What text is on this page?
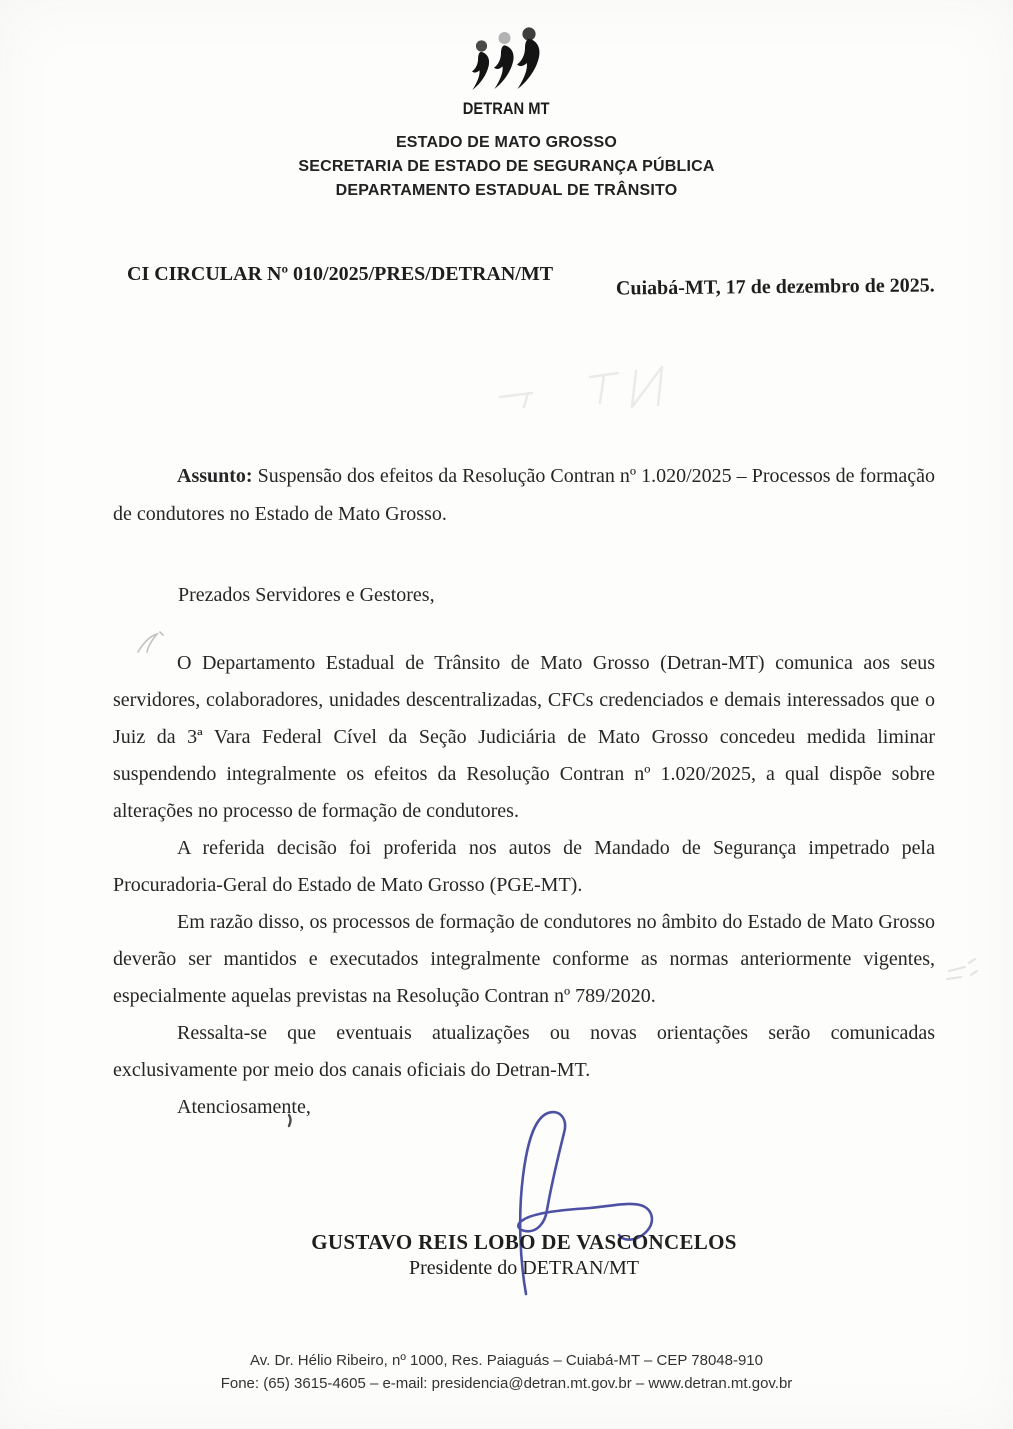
DETRAN MT
ESTADO DE MATO GROSSO
SECRETARIA DE ESTADO DE SEGURANÇA PÚBLICA
DEPARTAMENTO ESTADUAL DE TRÂNSITO
CI CIRCULAR Nº 010/2025/PRES/DETRAN/MT
Cuiabá-MT, 17 de dezembro de 2025.

Assunto: Suspensão dos efeitos da Resolução Contran nº 1.020/2025 – Processos de formação de condutores no Estado de Mato Grosso.

Prezados Servidores e Gestores,

O Departamento Estadual de Trânsito de Mato Grosso (Detran-MT) comunica aos seus servidores, colaboradores, unidades descentralizadas, CFCs credenciados e demais interessados que o Juiz da 3ª Vara Federal Cível da Seção Judiciária de Mato Grosso concedeu medida liminar suspendendo integralmente os efeitos da Resolução Contran nº 1.020/2025, a qual dispõe sobre alterações no processo de formação de condutores.

A referida decisão foi proferida nos autos de Mandado de Segurança impetrado pela Procuradoria-Geral do Estado de Mato Grosso (PGE-MT).

Em razão disso, os processos de formação de condutores no âmbito do Estado de Mato Grosso deverão ser mantidos e executados integralmente conforme as normas anteriormente vigentes, especialmente aquelas previstas na Resolução Contran nº 789/2020.

Ressalta-se que eventuais atualizações ou novas orientações serão comunicadas exclusivamente por meio dos canais oficiais do Detran-MT.

Atenciosamente,

GUSTAVO REIS LOBO DE VASCONCELOS
Presidente do DETRAN/MT
Av. Dr. Hélio Ribeiro, nº 1000, Res. Paiaguás – Cuiabá-MT – CEP 78048-910
Fone: (65) 3615-4605 – e-mail: presidencia@detran.mt.gov.br – www.detran.mt.gov.br
